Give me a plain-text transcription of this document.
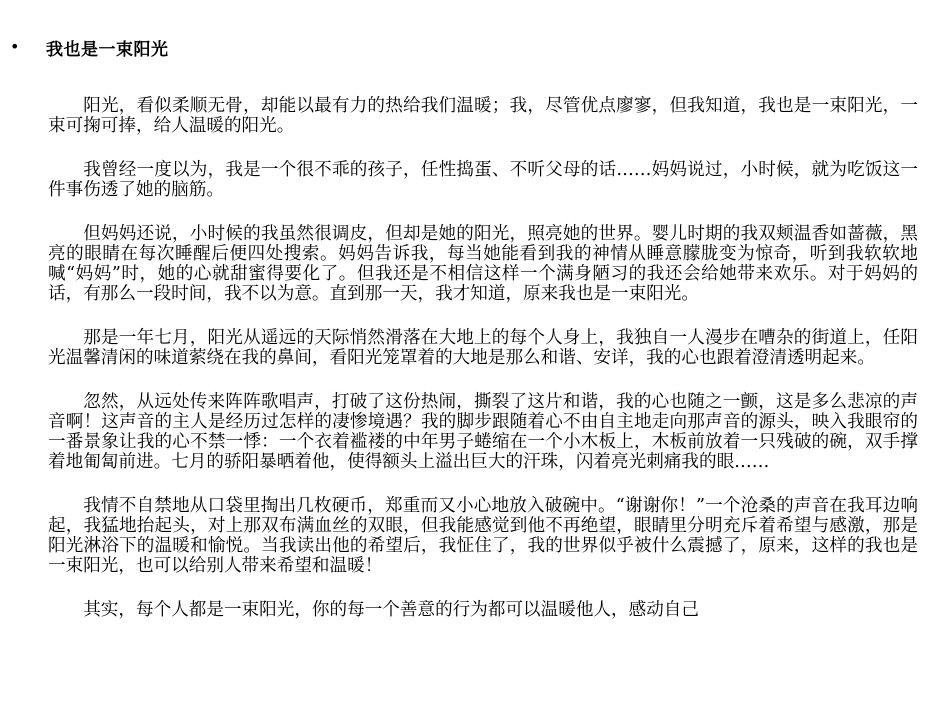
•	我也是一束阳光

阳光，看似柔顺无骨，却能以最有力的热给我们温暖；我，尽管优点廖寥，但我知道，我也是一束阳光，一束可掬可捧，给人温暖的阳光。

我曾经一度以为，我是一个很不乖的孩子，任性捣蛋、不听父母的话……妈妈说过，小时候，就为吃饭这一件事伤透了她的脑筋。

但妈妈还说，小时候的我虽然很调皮，但却是她的阳光，照亮她的世界。婴儿时期的我双颊温香如蔷薇，黑亮的眼睛在每次睡醒后便四处搜索。妈妈告诉我，每当她能看到我的神情从睡意朦胧变为惊奇，听到我软软地喊“妈妈”时，她的心就甜蜜得要化了。但我还是不相信这样一个满身陋习的我还会给她带来欢乐。对于妈妈的话，有那么一段时间，我不以为意。直到那一天，我才知道，原来我也是一束阳光。

那是一年七月，阳光从遥远的天际悄然滑落在大地上的每个人身上，我独自一人漫步在嘈杂的街道上，任阳光温馨清闲的味道萦绕在我的鼻间，看阳光笼罩着的大地是那么和谐、安详，我的心也跟着澄清透明起来。

忽然，从远处传来阵阵歌唱声，打破了这份热闹，撕裂了这片和谐，我的心也随之一颤，这是多么悲凉的声音啊！这声音的主人是经历过怎样的凄惨境遇？我的脚步跟随着心不由自主地走向那声音的源头，映入我眼帘的一番景象让我的心不禁一悸：一个衣着褴褛的中年男子蜷缩在一个小木板上，木板前放着一只残破的碗，双手撑着地匍匐前进。七月的骄阳暴晒着他，使得额头上溢出巨大的汗珠，闪着亮光刺痛我的眼……

我情不自禁地从口袋里掏出几枚硬币，郑重而又小心地放入破碗中。“谢谢你！”一个沧桑的声音在我耳边响起，我猛地抬起头，对上那双布满血丝的双眼，但我能感觉到他不再绝望，眼睛里分明充斥着希望与感激，那是阳光淋浴下的温暖和愉悦。当我读出他的希望后，我怔住了，我的世界似乎被什么震撼了，原来，这样的我也是一束阳光，也可以给别人带来希望和温暖！

其实，每个人都是一束阳光，你的每一个善意的行为都可以温暖他人，感动自己
